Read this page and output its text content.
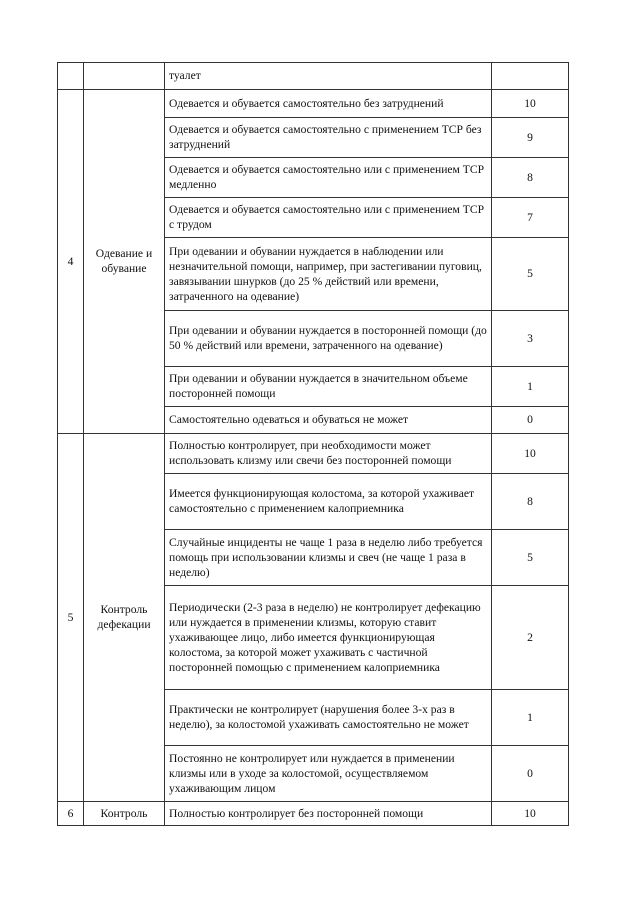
		туалет	
4	Одевание и обувание	Одевается и обувается самостоятельно без затруднений	10
		Одевается и обувается самостоятельно с применением ТСР без затруднений	9
		Одевается и обувается самостоятельно или с применением ТСР медленно	8
		Одевается и обувается самостоятельно или с применением ТСР с трудом	7
		При одевании и обувании нуждается в наблюдении или незначительной помощи, например, при застегивании пуговиц, завязывании шнурков (до 25 % действий или времени, затраченного на одевание)	5
		При одевании и обувании нуждается в посторонней помощи (до 50 % действий или времени, затраченного на одевание)	3
		При одевании и обувании нуждается в значительном объеме посторонней помощи	1
		Самостоятельно одеваться и обуваться не может	0
5	Контроль дефекации	Полностью контролирует, при необходимости может использовать клизму или свечи без посторонней помощи	10
		Имеется функционирующая колостома, за которой ухаживает самостоятельно с применением калоприемника	8
		Случайные инциденты не чаще 1 раза в неделю либо требуется помощь при использовании клизмы и свеч (не чаще 1 раза в неделю)	5
		Периодически (2-3 раза в неделю) не контролирует дефекацию или нуждается в применении клизмы, которую ставит ухаживающее лицо, либо имеется функционирующая колостома, за которой может ухаживать с частичной посторонней помощью с применением калоприемника	2
		Практически не контролирует (нарушения более 3-х раз в неделю), за колостомой ухаживать самостоятельно не может	1
		Постоянно не контролирует или нуждается в применении клизмы или в уходе за колостомой, осуществляемом ухаживающим лицом	0
6	Контроль	Полностью контролирует без посторонней помощи	10
